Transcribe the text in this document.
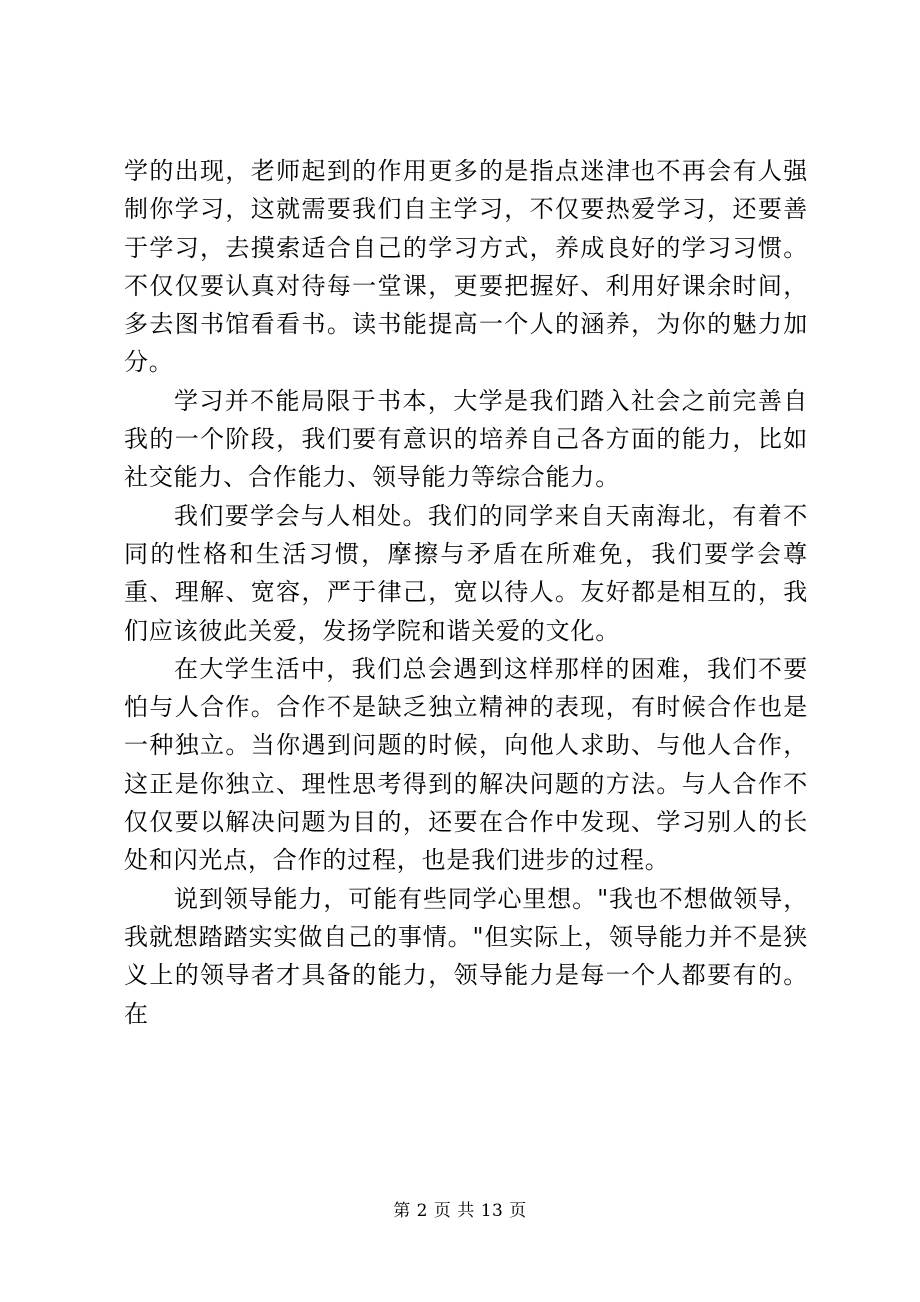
学的出现，老师起到的作用更多的是指点迷津也不再会有人强制你学习，这就需要我们自主学习，不仅要热爱学习，还要善于学习，去摸索适合自己的学习方式，养成良好的学习习惯。不仅仅要认真对待每一堂课，更要把握好、利用好课余时间，多去图书馆看看书。读书能提高一个人的涵养，为你的魅力加分。

学习并不能局限于书本，大学是我们踏入社会之前完善自我的一个阶段，我们要有意识的培养自己各方面的能力，比如社交能力、合作能力、领导能力等综合能力。

我们要学会与人相处。我们的同学来自天南海北，有着不同的性格和生活习惯，摩擦与矛盾在所难免，我们要学会尊重、理解、宽容，严于律己，宽以待人。友好都是相互的，我们应该彼此关爱，发扬学院和谐关爱的文化。

在大学生活中，我们总会遇到这样那样的困难，我们不要怕与人合作。合作不是缺乏独立精神的表现，有时候合作也是一种独立。当你遇到问题的时候，向他人求助、与他人合作，这正是你独立、理性思考得到的解决问题的方法。与人合作不仅仅要以解决问题为目的，还要在合作中发现、学习别人的长处和闪光点，合作的过程，也是我们进步的过程。

说到领导能力，可能有些同学心里想。"我也不想做领导，我就想踏踏实实做自己的事情。"但实际上，领导能力并不是狭义上的领导者才具备的能力，领导能力是每一个人都要有的。在

第 2 页 共 13 页
